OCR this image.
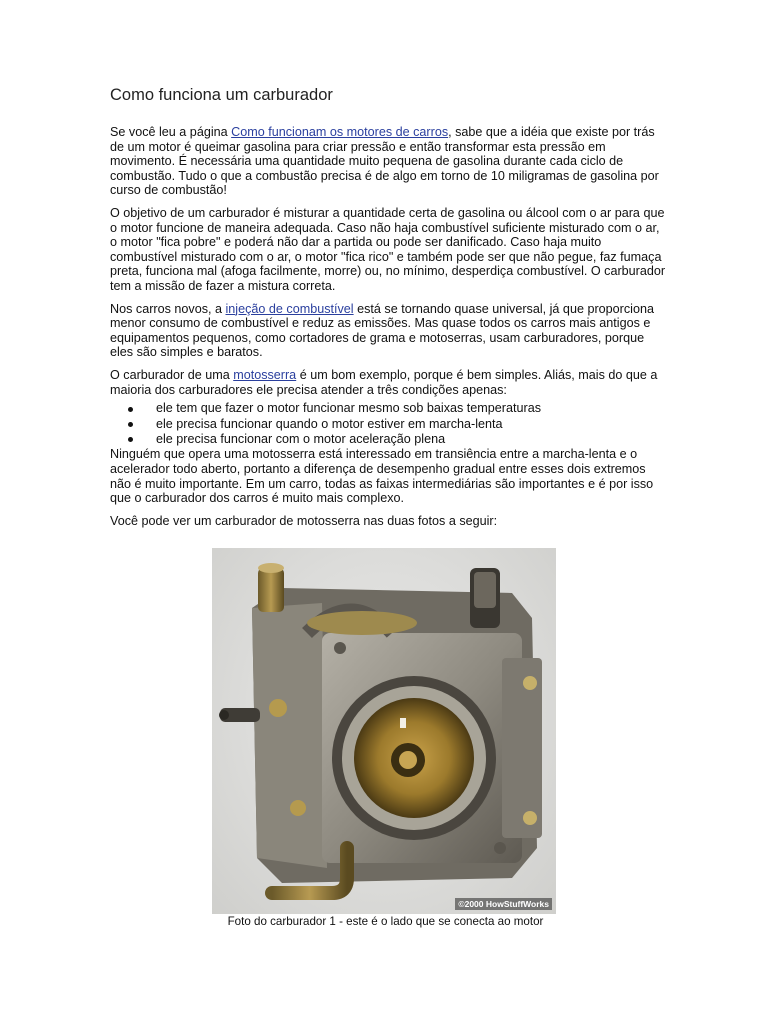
Como funciona um carburador

Se você leu a página Como funcionam os motores de carros, sabe que a idéia que existe por trás de um motor é queimar gasolina para criar pressão e então transformar esta pressão em movimento. É necessária uma quantidade muito pequena de gasolina durante cada ciclo de combustão. Tudo o que a combustão precisa é de algo em torno de 10 miligramas de gasolina por curso de combustão!

O objetivo de um carburador é misturar a quantidade certa de gasolina ou álcool com o ar para que o motor funcione de maneira adequada. Caso não haja combustível suficiente misturado com o ar, o motor "fica pobre" e poderá não dar a partida ou pode ser danificado. Caso haja muito combustível misturado com o ar, o motor "fica rico" e também pode ser que não pegue, faz fumaça preta, funciona mal (afoga facilmente, morre) ou, no mínimo, desperdiça combustível. O carburador tem a missão de fazer a mistura correta.

Nos carros novos, a injeção de combustível está se tornando quase universal, já que proporciona menor consumo de combustível e reduz as emissões. Mas quase todos os carros mais antigos e equipamentos pequenos, como cortadores de grama e motoserras, usam carburadores, porque eles são simples e baratos.

O carburador de uma motosserra é um bom exemplo, porque é bem simples. Aliás, mais do que a maioria dos carburadores ele precisa atender a três condições apenas:

ele tem que fazer o motor funcionar mesmo sob baixas temperaturas
ele precisa funcionar quando o motor estiver em marcha-lenta
ele precisa funcionar com o motor aceleração plena

Ninguém que opera uma motosserra está interessado em transiência entre a marcha-lenta e o acelerador todo aberto, portanto a diferença de desempenho gradual entre esses dois extremos não é muito importante. Em um carro, todas as faixas intermediárias são importantes e é por isso que o carburador dos carros é muito mais complexo.

Você pode ver um carburador de motosserra nas duas fotos a seguir:

©2000 HowStuffWorks
Foto do carburador 1 - este é o lado que se conecta ao motor
